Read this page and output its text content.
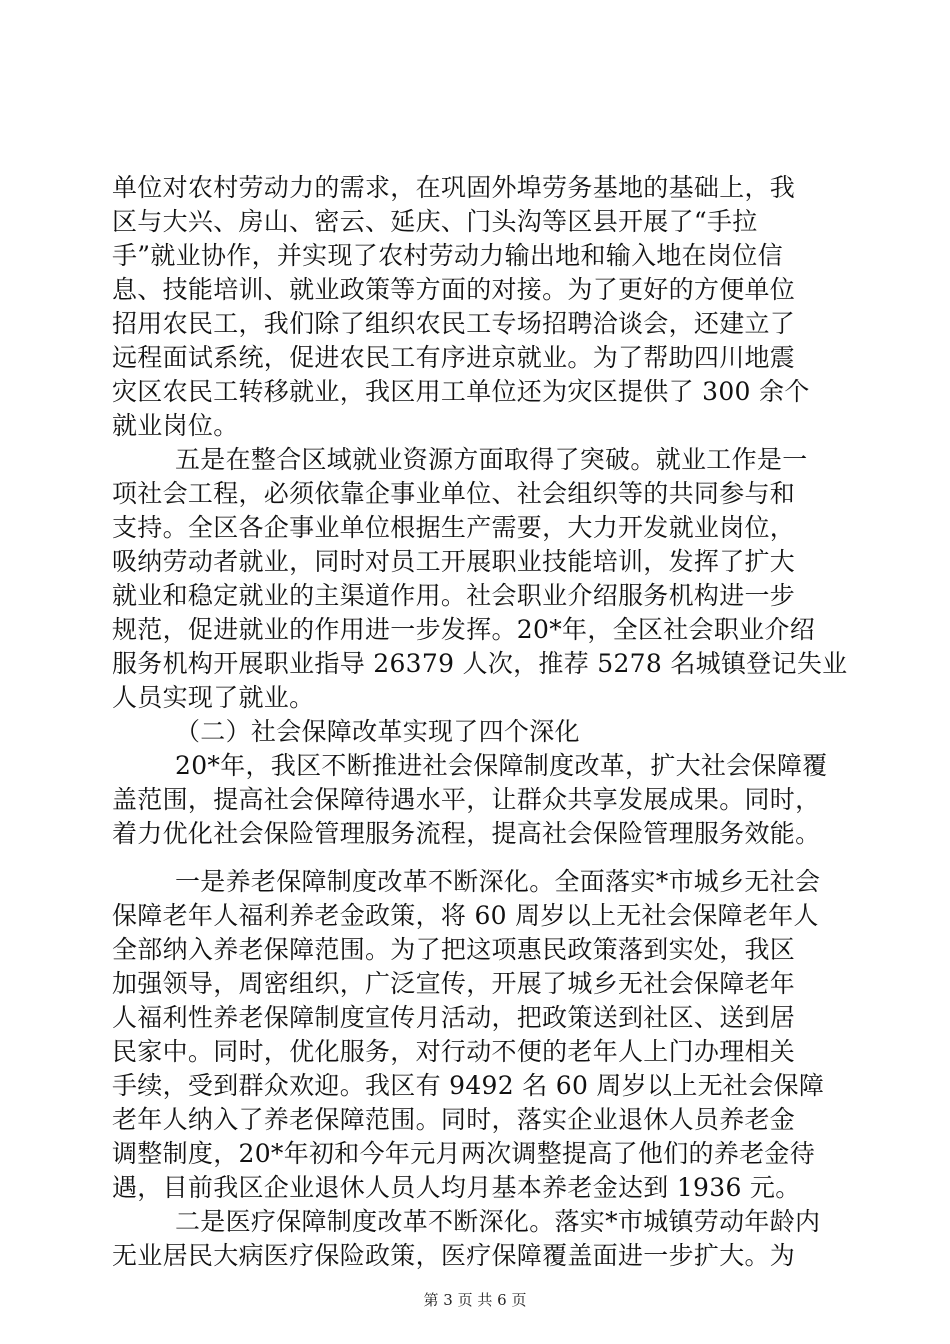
单位对农村劳动力的需求，在巩固外埠劳务基地的基础上，我
区与大兴、房山、密云、延庆、门头沟等区县开展了“手拉
手”就业协作，并实现了农村劳动力输出地和输入地在岗位信
息、技能培训、就业政策等方面的对接。为了更好的方便单位
招用农民工，我们除了组织农民工专场招聘洽谈会，还建立了
远程面试系统，促进农民工有序进京就业。为了帮助四川地震
灾区农民工转移就业，我区用工单位还为灾区提供了 300 余个
就业岗位。
五是在整合区域就业资源方面取得了突破。就业工作是一
项社会工程，必须依靠企事业单位、社会组织等的共同参与和
支持。全区各企事业单位根据生产需要，大力开发就业岗位，
吸纳劳动者就业，同时对员工开展职业技能培训，发挥了扩大
就业和稳定就业的主渠道作用。社会职业介绍服务机构进一步
规范，促进就业的作用进一步发挥。20*年，全区社会职业介绍
服务机构开展职业指导 26379 人次，推荐 5278 名城镇登记失业
人员实现了就业。
（二）社会保障改革实现了四个深化
20*年，我区不断推进社会保障制度改革，扩大社会保障覆
盖范围，提高社会保障待遇水平，让群众共享发展成果。同时，
着力优化社会保险管理服务流程，提高社会保险管理服务效能。
一是养老保障制度改革不断深化。全面落实*市城乡无社会
保障老年人福利养老金政策，将 60 周岁以上无社会保障老年人
全部纳入养老保障范围。为了把这项惠民政策落到实处，我区
加强领导，周密组织，广泛宣传，开展了城乡无社会保障老年
人福利性养老保障制度宣传月活动，把政策送到社区、送到居
民家中。同时，优化服务，对行动不便的老年人上门办理相关
手续，受到群众欢迎。我区有 9492 名 60 周岁以上无社会保障
第 3 页 共 6 页
老年人纳入了养老保障范围。同时，落实企业退休人员养老金
调整制度，20*年初和今年元月两次调整提高了他们的养老金待
遇，目前我区企业退休人员人均月基本养老金达到 1936 元。
二是医疗保障制度改革不断深化。落实*市城镇劳动年龄内
无业居民大病医疗保险政策，医疗保障覆盖面进一步扩大。为
